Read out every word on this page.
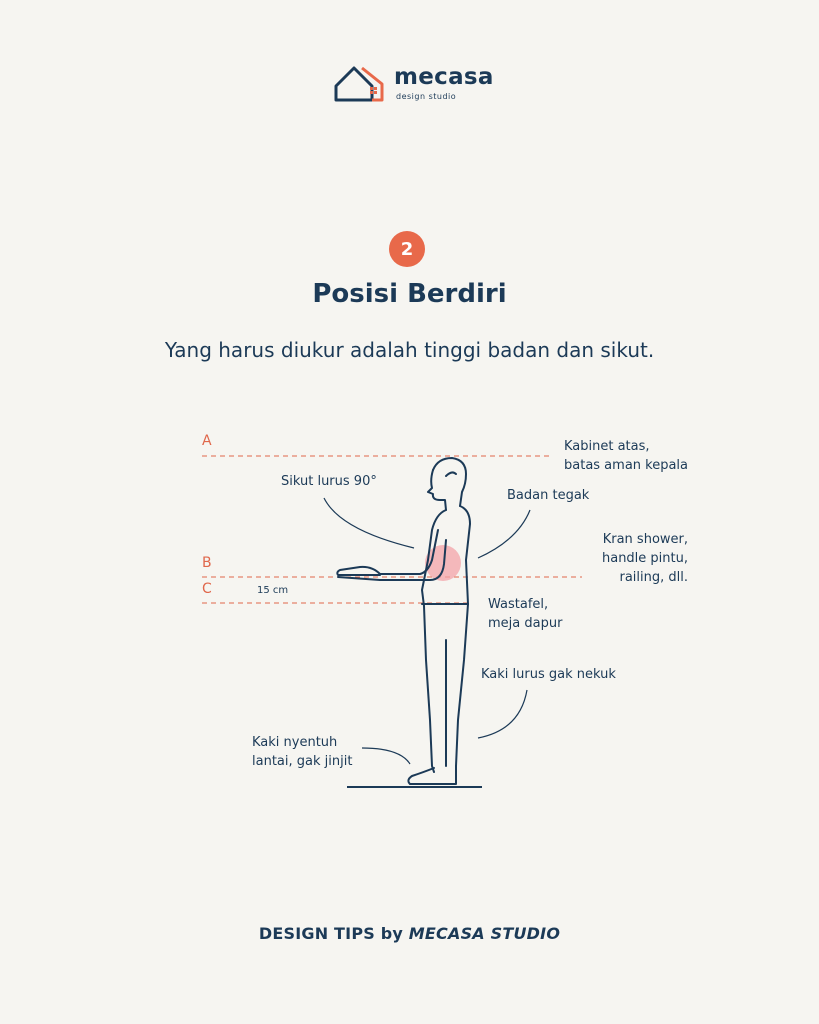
mecasa
design studio
2
Posisi Berdiri
Yang harus diukur adalah tinggi badan dan sikut.
A
B
C	15 cm
Kabinet atas,
batas aman kepala
Sikut lurus 90°
Badan tegak
Kran shower,
handle pintu,
railing, dll.
Wastafel,
meja dapur
Kaki lurus gak nekuk
Kaki nyentuh
lantai, gak jinjit
DESIGN TIPS by MECASA STUDIO
